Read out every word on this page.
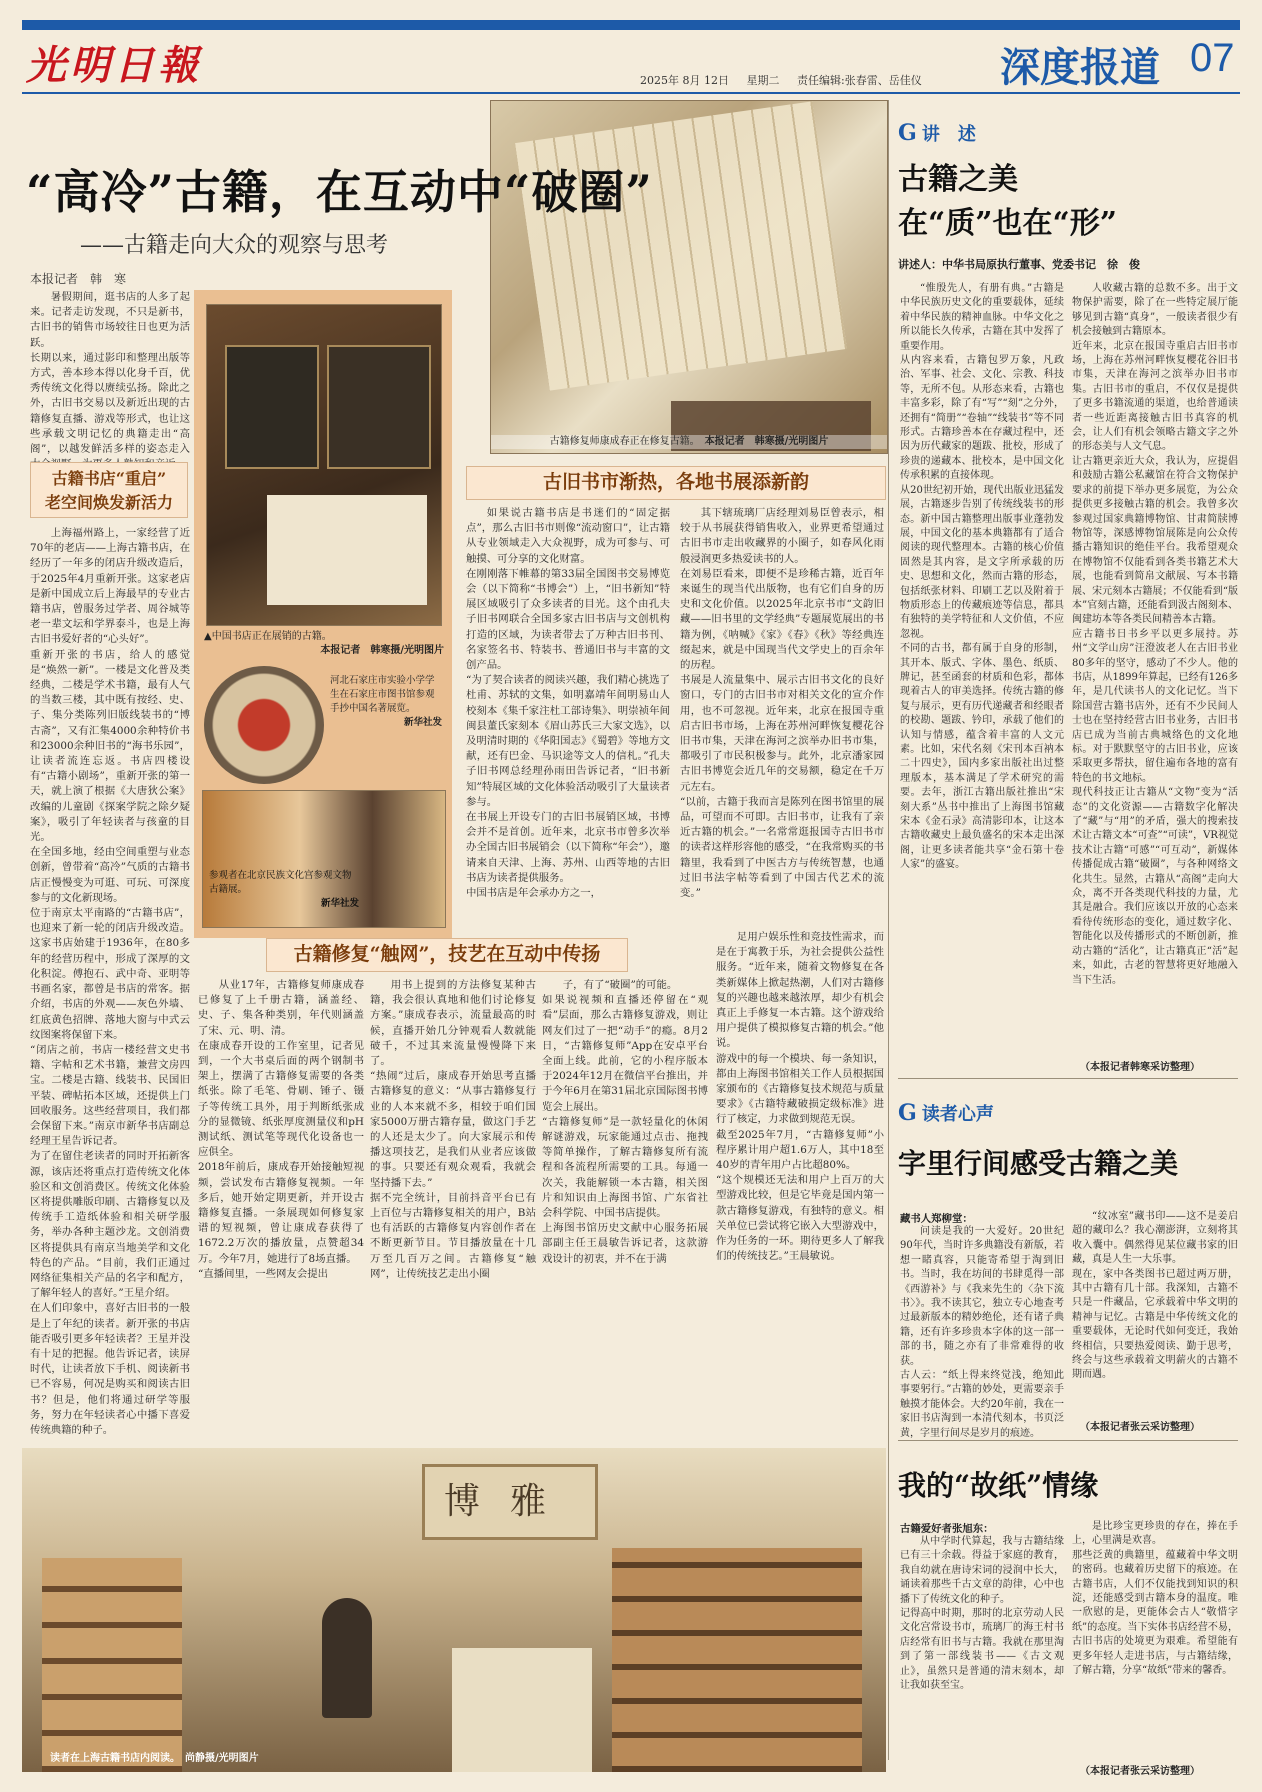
光明日報	2025年 8月 12日 星期二 责任编辑:张春雷、岳佳仪	深度报道 07
古籍修复师康成春正在修复古籍。　 本报记者　韩寒摄/光明图片
“高冷”古籍，在互动中“破圈”
——古籍走向大众的观察与思考
本报记者　韩　寒

暑假期间，逛书店的人多了起来。记者走访发现，不只是新书，古旧书的销售市场较往日也更为活跃。
长期以来，通过影印和整理出版等方式，善本珍本得以化身千百，优秀传统文化得以赓续弘扬。除此之外，古旧书交易以及新近出现的古籍修复直播、游戏等形式，也让这些承载文明记忆的典籍走出“高阁”，以越发鲜活多样的姿态走入

古籍书店“重启”
老空间焕发新活力

上海福州路上，一家经营了近70年的老店——上海古籍书店，在经历了一年多的闭店升级改造后，于2025年4月重新开张。这家老店是新中国成立后上海最早的专业古籍书店，曾服务过学者、周谷城等老一辈文坛和学界泰斗，也是上海古旧书爱好者的“心头好”。
重新开张的书店，给人的感觉是“焕然一新”。一楼是文化普及类经典，二楼是学术书籍，最有人气的当数三楼，其中既有按经、史、子、集分类陈列旧版线装书的“博古斋”，又有汇集4000余种特价书和23000余种旧书的“海书乐园”，让读者流连忘返。书店四楼设有“古籍小剧场”，重新开张的第一天，就上演了根据《大唐狄公案》改编的儿童剧《探案学院之除夕疑案》，吸引了年轻读者与孩童的目光。
在全国多地，经由空间重塑与业态创新，曾带着“高冷”气质的古籍书店正慢慢变为可逛、可玩、可深度参与的文化新现场。
位于南京太平南路的“古籍书店”，也迎来了新一轮的闭店升级改造。这家书店始建于1936年，在80多年的经营历程中，形成了深厚的文化积淀。傅抱石、武中奇、亚明等书画名家，都曾是书店的常客。据介绍，书店的外观——灰色外墙、红底黄色招牌、落地大窗与中式云纹图案将保留下来。
“闭店之前，书店一楼经营文史书籍、字帖和艺术书籍，兼营文房四宝。二楼是古籍、线装书、民国旧平装、碑帖拓本区域，还提供上门回收服务。这些经营项目，我们都会保留下来。”南京市新华书店副总经理王星告诉记者。
为了在留住老读者的同时开拓新客源，该店还将重点打造传统文化体验区和文创消费区。传统文化体验区将提供雕版印刷、古籍修复以及传统手工造纸体验和相关研学服务，举办各种主题沙龙。文创消费区将提供具有南京当地美学和文化特色的产品。“目前，我们正通过网络征集相关产品的名字和配方，了解年轻人的喜好。”王星介绍。
在人们印象中，喜好古旧书的一般是上了年纪的读者。新开张的书店能否吸引更多年轻读者？王星并没有十足的把握。他告诉记者，读屏时代，让读者放下手机、阅读新书已不容易，何况是购买和阅读古旧书？但是，他们将通过研学等服务，努力在年轻读者心中播下喜爱传统典籍的种子。

▲中国书店正在展销的古籍。
本报记者　韩寒摄/光明图片
河北石家庄市实验小学学生在石家庄市图书馆参观手抄中国名著展览。
新华社发
参观者在北京民族文化宫参观文物古籍展。
新华社发
古旧书市渐热，各地书展添新韵

如果说古籍书店是书迷们的“固定据点”，那么古旧书市则像“流动窗口”，让古籍从专业领域走入大众视野，成为可参与、可触摸、可分享的文化财富。
在刚刚落下帷幕的第33届全国图书交易博览会（以下简称“书博会”）上，“旧书新知”特展区域吸引了众多读者的目光。这个由孔夫子旧书网联合全国多家古旧书店与文创机构打造的区域，为读者带去了万种古旧书刊、名家签名书、特装书、普通旧书与丰富的文创产品。
“为了契合读者的阅读兴趣，我们精心挑选了杜甫、苏轼的文集，如明嘉靖年间明易山人校刻本《集千家注杜工部诗集》、明崇祯年间闽县董氏家刻本《眉山苏氏三大家文选》，以及明清时期的《华阳国志》《蜀碧》等地方文献，还有巴金、马识途等文人的信札。”孔夫子旧书网总经理孙雨田告诉记者，“旧书新知”特展区域的文化体验活动吸引了大量读者参与。
在书展上开设专门的古旧书展销区域，书博会并不是首创。近年来，北京书市曾多次举办全国古旧书展销会（以下简称“年会”），邀请来自天津、上海、苏州、山西等地的古旧书店为读者提供服务。
中国书店是年会承办方之一，

其下辖琉璃厂店经理刘易臣曾表示，相较于从书展获得销售收入，业界更希望通过古旧书市走出收藏界的小圈子，如春风化雨般浸润更多热爱读书的人。
在刘易臣看来，即便不是珍稀古籍，近百年来诞生的现当代出版物，也有它们自身的历史和文化价值。以2025年北京书市“文韵旧藏——旧书里的文学经典”专题展览展出的书籍为例，《呐喊》《家》《春》《秋》等经典连缀起来，就是中国现当代文学史上的百余年的历程。
书展是人流量集中、展示古旧书文化的良好窗口，专门的古旧书市对相关文化的宣介作用，也不可忽视。近年来，北京在报国寺重启古旧书市场，上海在苏州河畔恢复樱花谷旧书市集，天津在海河之滨举办旧书市集，都吸引了市民积极参与。此外，北京潘家园古旧书博览会近几年的交易额，稳定在千万元左右。
“以前，古籍于我而言是陈列在图书馆里的展品，可望而不可即。古旧书市，让我有了亲近古籍的机会。”一名常常逛报国寺古旧书市的读者这样形容他的感受，“在我常购买的书籍里，我看到了中医古方与传统智慧，也通过旧书法字帖等看到了中国古代艺术的流变。”

古籍修复“触网”，技艺在互动中传扬

从业17年，古籍修复师康成春已修复了上千册古籍，涵盖经、史、子、集各种类别，年代则涵盖了宋、元、明、清。
在康成春开设的工作室里，记者见到，一个大书桌后面的两个钢制书架上，摆满了古籍修复需要的各类纸张。除了毛笔、骨刷、锤子、镊子等传统工具外，用于判断纸张成分的显微镜、纸张厚度测量仪和pH测试纸、测试笔等现代化设备也一应俱全。
2018年前后，康成春开始接触短视频，尝试发布古籍修复视频。一年多后，她开始定期更新，并开设古籍修复直播。一条展现如何修复家谱的短视频，曾让康成春获得了1672.2万次的播放量，点赞超34万。今年7月，她进行了8场直播。
“直播间里，一些网友会提出

用书上提到的方法修复某种古籍，我会很认真地和他们讨论修复方案。”康成春表示，流量最高的时候，直播开始几分钟观看人数就能破千，不过其来流量慢慢降下来了。
“热闹”过后，康成春开始思考直播古籍修复的意义：“从事古籍修复行业的人本来就不多，相较于咱们国家5000万册古籍存量，做这门手艺的人还是太少了。向大家展示和传播这项技艺，是我们从业者应该做的事。只要还有观众观看，我就会坚持播下去。”
据不完全统计，目前抖音平台已有上百位与古籍修复相关的用户，B站也有活跃的古籍修复内容创作者在不断更新节目。节目播放量在十几万至几百万之间。古籍修复“触网”，让传统技艺走出小圈

子，有了“破圈”的可能。
如果说视频和直播还停留在“观看”层面，那么古籍修复游戏，则让网友们过了一把“动手”的瘾。8月2日，“古籍修复师”App在安卓平台全面上线。此前，它的小程序版本于2024年12月在微信平台推出，并于今年6月在第31届北京国际图书博览会上展出。
“古籍修复师”是一款轻量化的休闲解谜游戏，玩家能通过点击、拖拽等简单操作，了解古籍修复所有流程和各流程所需要的工具。每通一次关，我能解锁一本古籍，相关图片和知识由上海图书馆、广东省社会科学院、中国书店提供。
上海图书馆历史文献中心服务拓展部副主任王晨敏告诉记者，这款游戏设计的初衷，并不在于满

足用户娱乐性和竞技性需求，而是在于寓教于乐，为社会提供公益性服务。“近年来，随着文物修复在各类新媒体上掀起热潮，人们对古籍修复的兴趣也越来越浓厚，却少有机会真正上手修复一本古籍。这个游戏给用户提供了模拟修复古籍的机会。”他说。
游戏中的每一个模块、每一条知识，都由上海图书馆相关工作人员根据国家颁布的《古籍修复技术规范与质量要求》《古籍特藏破损定级标准》进行了核定，力求做到规范无误。
截至2025年7月，“古籍修复师”小程序累计用户超1.6万人，其中18至40岁的青年用户占比超80%。
“这个规模还无法和用户上百万的大型游戏比较，但是它毕竟是国内第一款古籍修复游戏，有独特的意义。相关单位已尝试将它嵌入大型游戏中，作为任务的一环。期待更多人了解我们的传统技艺。”王晨敏说。

博雅
读者在上海古籍书店内阅读。　 尚静摄/光明图片
G 讲　述
古籍之美
在“质”也在“形”
讲述人：中华书局原执行董事、党委书记　徐　俊

“惟殷先人，有册有典。”古籍是中华民族历史文化的重要载体，延续着中华民族的精神血脉。中华文化之所以能长久传承，古籍在其中发挥了重要作用。
从内容来看，古籍包罗万象，凡政治、军事、社会、文化、宗教、科技等，无所不包。从形态来看，古籍也丰富多彩，除了有“写”“刻”之分外，还拥有“简册”“卷轴”“线装书”等不同形式。古籍珍善本在存藏过程中，还因为历代藏家的题跋、批校，形成了珍贵的递藏本、批校本，是中国文化传承积累的直接体现。
从20世纪初开始，现代出版业迅猛发展，古籍逐步告别了传统线装书的形态。新中国古籍整理出版事业蓬勃发展，中国文化的基本典籍都有了适合阅读的现代整理本。古籍的核心价值固然是其内容，是文字所承载的历史、思想和文化，然而古籍的形态，包括纸张材料、印刷工艺以及附着于物质形态上的传藏痕迹等信息，都具有独特的美学特征和人文价值，不应忽视。
不同的古书，都有属于自身的形制，其开本、版式、字体、墨色、纸质、牌记，甚至函套的材质和色彩，都体现着古人的审美选择。传统古籍的修复与展示，更有历代递藏者和经眼者的校勘、题跋、钤印，承载了他们的认知与情感，蕴含着丰富的人文元素。比如，宋代名刻《宋刊本百衲本二十四史》，国内多家出版社出过整理版本，基本满足了学术研究的需要。去年，浙江古籍出版社推出“宋刻大系”丛书中推出了上海图书馆藏宋本《金石录》高清影印本，让这本古籍收藏史上最负盛名的宋本走出深阁，让更多读者能共享“金石第十卷人家”的盛宴。

人收藏古籍的总数不多。出于文物保护需要，除了在一些特定展厅能够见到古籍“真身”，一般读者很少有机会接触到古籍原本。
近年来，北京在报国寺重启古旧书市场，上海在苏州河畔恢复樱花谷旧书市集，天津在海河之滨举办旧书市集。古旧书市的重启，不仅仅是提供了更多书籍流通的渠道，也给普通读者一些近距离接触古旧书真容的机会，让人们有机会领略古籍文字之外的形态美与人文气息。
让古籍更亲近大众，我认为，应提倡和鼓励古籍公私藏馆在符合文物保护要求的前提下举办更多展览，为公众提供更多接触古籍的机会。我曾多次参观过国家典籍博物馆、甘肃简牍博物馆等，深感博物馆展陈是向公众传播古籍知识的绝佳平台。我希望观众在博物馆不仅能看到各类书籍艺术大展，也能看到简帛文献展、写本书籍展、宋元刻本古籍展；不仅能看到“版本”官刻古籍，还能看到汲古阁刻本、闽建坊本等各类民间精善本古籍。
应古籍书日书乡平以更多展持。苏州“文学山房”汪澄波老人在古旧书业80多年的坚守，感动了不少人。他的书店，从1899年算起，已经有126多年，是几代读书人的文化记忆。当下除国营古籍书店外，还有不少民间人士也在坚持经营古旧书业务，古旧书店已成为当前古典城络色的文化地标。对于默默坚守的古旧书业，应该采取更多帮扶，留住遍布各地的富有特色的书文地标。
现代科技正让古籍从“文物”变为“活态”的文化资源——古籍数字化解决了“藏”与“用”的矛盾，强大的搜索技术让古籍文本“可查”“可读”，VR视觉技术让古籍“可感”“可互动”，新媒体传播促成古籍“破圈”，与各种网络文化共生。显然，古籍从“高阁”走向大众，离不开各类现代科技的力量，尤其是融合。我们应该以开放的心态来看待传统形态的变化，通过数字化、智能化以及传播形式的不断创新，推动古籍的“活化”，让古籍真正“活”起来，如此，古老的智慧将更好地融入当下生活。

（本报记者韩寒采访整理）
G 读者心声
字里行间感受古籍之美
藏书人郑柳堂：

问读是我的一大爱好。20世纪90年代，当时许多典籍没有新版，若想一睹真容，只能寄希望于淘到旧书。当时，我在坊间的书肆觅得一部《西游补》与《我来先生的〈杂下流书〉》。我不读其它，独立专心地查考过最新版本的精妙绝伦，还有诸子典籍，还有许多珍贵本字体的这一部一部的书，随之亦有了非常难得的收获。
古人云：“纸上得来终觉浅，绝知此事要躬行。”古籍的妙处，更需要亲手触摸才能体会。大约20年前，我在一家旧书店淘到一本清代刻本，书页泛黄，字里行间尽是岁月的痕迹。

“纹冰室”藏书印——这不是姜启超的藏印么？我心潮澎湃，立刻将其收入囊中。偶然得见某位藏书家的旧藏，真是人生一大乐事。
现在，家中各类图书已超过两万册，其中古籍有几十部。我深知，古籍不只是一件藏品，它承载着中华文明的精神与记忆。古籍是中华传统文化的重要载体，无论时代如何变迁，我始终相信，只要热爱阅读、勤于思考，终会与这些承载着文明薪火的古籍不期而遇。

（本报记者张云采访整理）
我的“故纸”情缘
古籍爱好者张旭东：

从中学时代算起，我与古籍结缘已有三十余载。得益于家庭的教育，我自幼就在唐诗宋词的浸润中长大，诵读着那些千古文章的韵律，心中也播下了传统文化的种子。
记得高中时期，那时的北京劳动人民文化宫常设书市，琉璃厂的海王村书店经常有旧书与古籍。我就在那里淘到了第一部线装书——《古文观止》，虽然只是普通的清末刻本，却让我如获至宝。

是比珍宝更珍贵的存在，捧在手上，心里满是欢喜。
那些泛黄的典籍里，蕴藏着中华文明的密码。也藏着历史留下的痕迹。在古籍书店，人们不仅能找到知识的积淀，还能感受到古籍本身的温度。唯一欣慰的是，更能体会古人“敬惜字纸”的态度。当下实体书店经营不易，古旧书店的处境更为艰难。希望能有更多年轻人走进书店，与古籍结缘，了解古籍，分享“故纸”带来的馨香。

（本报记者张云采访整理）
